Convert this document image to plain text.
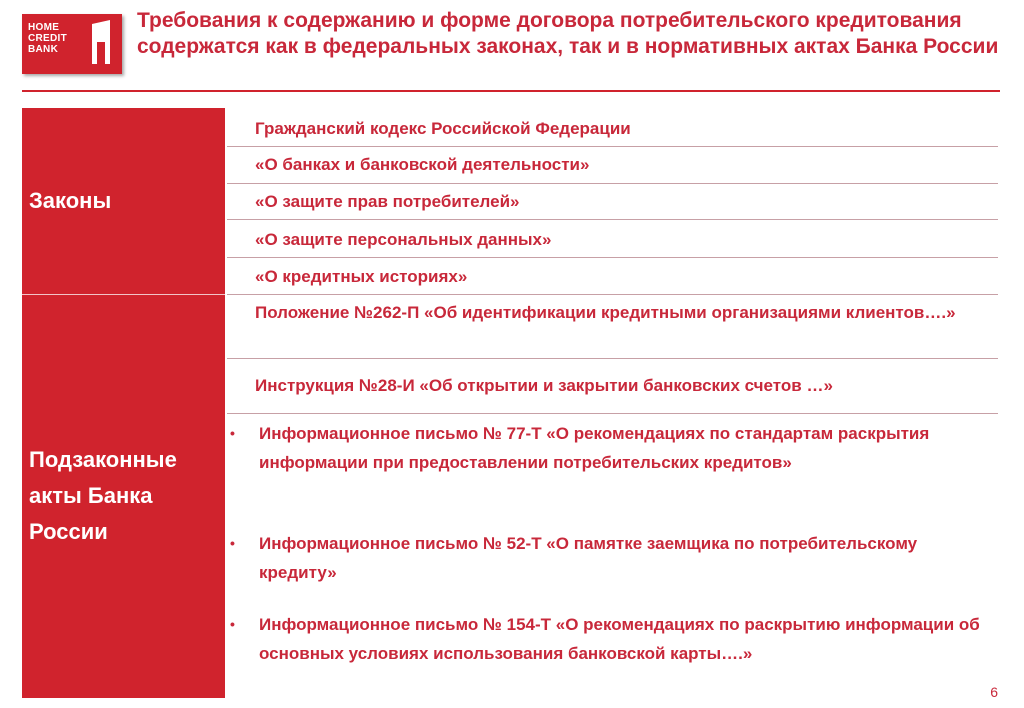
HOME
CREDIT
BANK
Требования к содержанию и форме договора потребительского кредитования содержатся как в федеральных законах, так и в нормативных актах Банка России
Законы
Подзаконные
акты Банка
России
Гражданский кодекс Российской Федерации
«О банках и банковской деятельности»
«О защите прав потребителей»
«О защите персональных данных»
«О кредитных историях»
Положение №262-П «Об идентификации кредитными организациями клиентов….»
Инструкция №28-И «Об открытии и закрытии банковских счетов …»
• Информационное письмо № 77-Т «О рекомендациях по стандартам раскрытия информации при предоставлении потребительских кредитов»
• Информационное письмо № 52-Т «О памятке заемщика по потребительскому кредиту»
• Информационное письмо № 154-Т «О рекомендациях по раскрытию информации об основных условиях использования банковской карты….»
6
